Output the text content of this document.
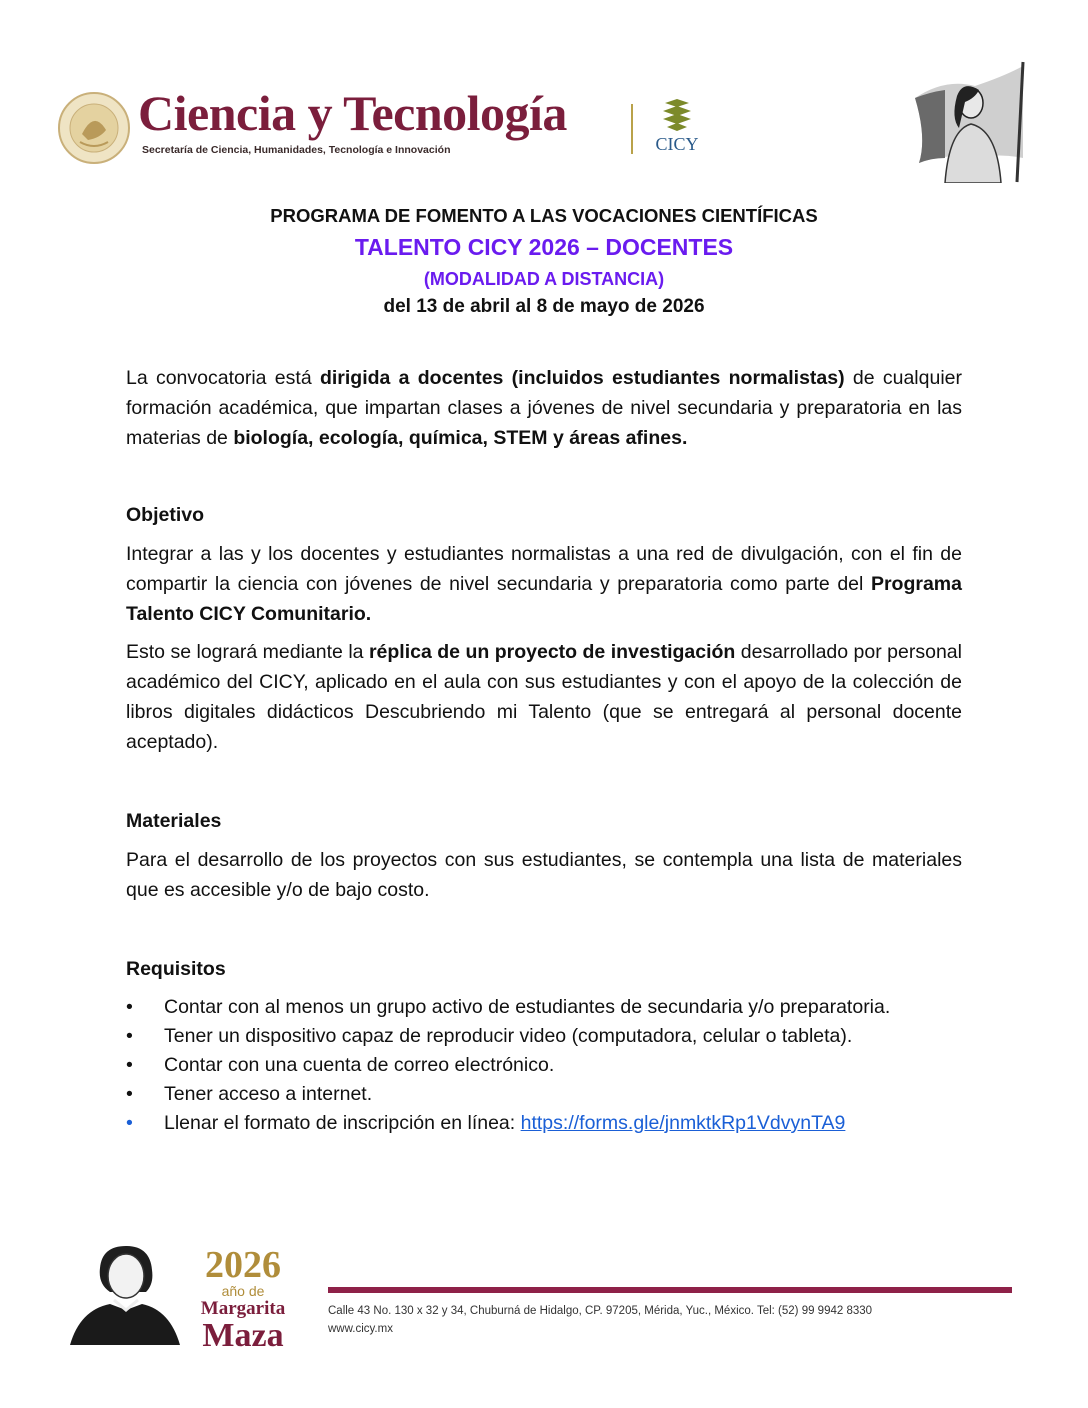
Ciencia y Tecnología
Secretaría de Ciencia, Humanidades, Tecnología e Innovación	CICY
PROGRAMA DE FOMENTO A LAS VOCACIONES CIENTÍFICAS
TALENTO CICY 2026 – DOCENTES
(MODALIDAD A DISTANCIA)
del 13 de abril al 8 de mayo de 2026

La convocatoria está dirigida a docentes (incluidos estudiantes normalistas) de cualquier formación académica, que impartan clases a jóvenes de nivel secundaria y preparatoria en las materias de biología, ecología, química, STEM y áreas afines.

Objetivo

Integrar a las y los docentes y estudiantes normalistas a una red de divulgación, con el fin de compartir la ciencia con jóvenes de nivel secundaria y preparatoria como parte del Programa Talento CICY Comunitario.

Esto se logrará mediante la réplica de un proyecto de investigación desarrollado por personal académico del CICY, aplicado en el aula con sus estudiantes y con el apoyo de la colección de libros digitales didácticos Descubriendo mi Talento (que se entregará al personal docente aceptado).

Materiales

Para el desarrollo de los proyectos con sus estudiantes, se contempla una lista de materiales que es accesible y/o de bajo costo.

Requisitos
•
Contar con al menos un grupo activo de estudiantes de secundaria y/o preparatoria.
•
Tener un dispositivo capaz de reproducir video (computadora, celular o tableta).
•
Contar con una cuenta de correo electrónico.
•
Tener acceso a internet.
•
Llenar el formato de inscripción en línea: https://forms.gle/jnmktkRp1VdvynTA9
2026
año de
Margarita
Maza
Calle 43 No. 130 x 32 y 34, Chuburná de Hidalgo, CP. 97205, Mérida, Yuc., México. Tel: (52) 99 9942 8330
www.cicy.mx
